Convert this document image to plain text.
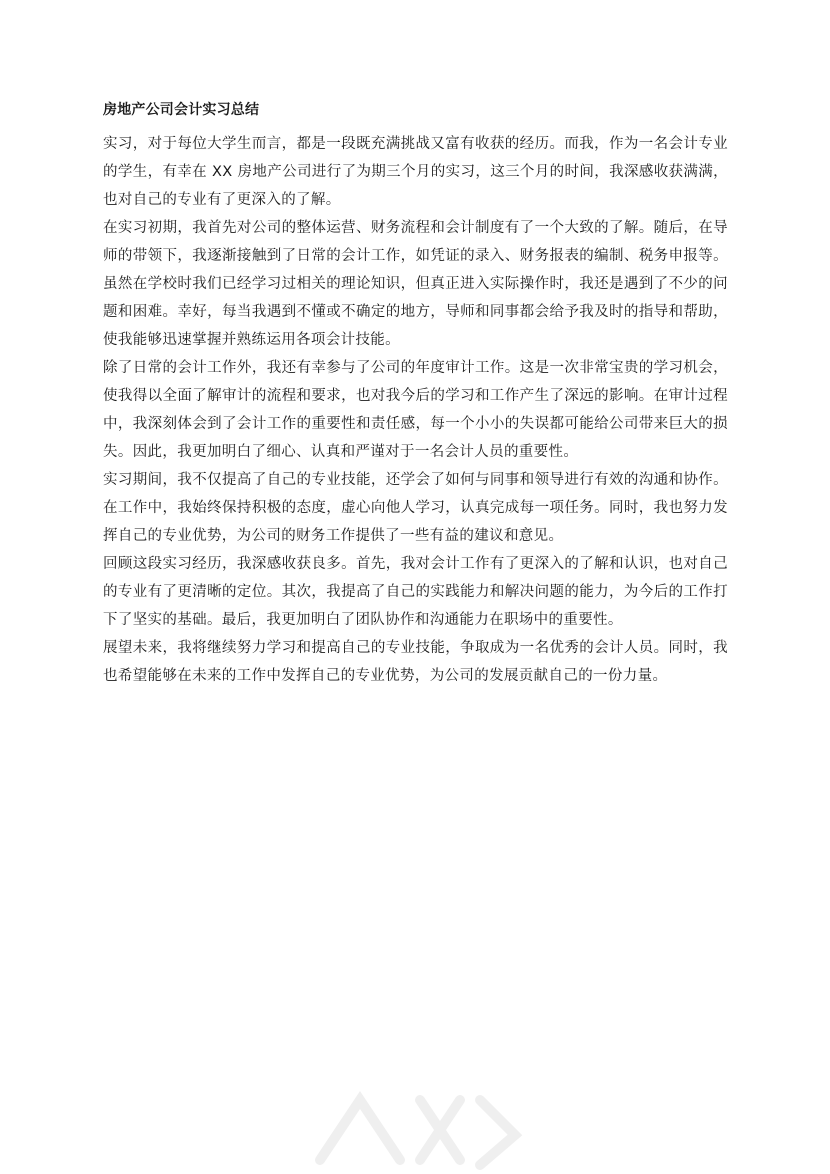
房地产公司会计实习总结

实习，对于每位大学生而言，都是一段既充满挑战又富有收获的经历。而我，作为一名会计专业的学生，有幸在 XX 房地产公司进行了为期三个月的实习，这三个月的时间，我深感收获满满，也对自己的专业有了更深入的了解。

在实习初期，我首先对公司的整体运营、财务流程和会计制度有了一个大致的了解。随后，在导师的带领下，我逐渐接触到了日常的会计工作，如凭证的录入、财务报表的编制、税务申报等。虽然在学校时我们已经学习过相关的理论知识，但真正进入实际操作时，我还是遇到了不少的问题和困难。幸好，每当我遇到不懂或不确定的地方，导师和同事都会给予我及时的指导和帮助，使我能够迅速掌握并熟练运用各项会计技能。

除了日常的会计工作外，我还有幸参与了公司的年度审计工作。这是一次非常宝贵的学习机会，使我得以全面了解审计的流程和要求，也对我今后的学习和工作产生了深远的影响。在审计过程中，我深刻体会到了会计工作的重要性和责任感，每一个小小的失误都可能给公司带来巨大的损失。因此，我更加明白了细心、认真和严谨对于一名会计人员的重要性。

实习期间，我不仅提高了自己的专业技能，还学会了如何与同事和领导进行有效的沟通和协作。在工作中，我始终保持积极的态度，虚心向他人学习，认真完成每一项任务。同时，我也努力发挥自己的专业优势，为公司的财务工作提供了一些有益的建议和意见。

回顾这段实习经历，我深感收获良多。首先，我对会计工作有了更深入的了解和认识，也对自己的专业有了更清晰的定位。其次，我提高了自己的实践能力和解决问题的能力，为今后的工作打下了坚实的基础。最后，我更加明白了团队协作和沟通能力在职场中的重要性。

展望未来，我将继续努力学习和提高自己的专业技能，争取成为一名优秀的会计人员。同时，我也希望能够在未来的工作中发挥自己的专业优势，为公司的发展贡献自己的一份力量。
